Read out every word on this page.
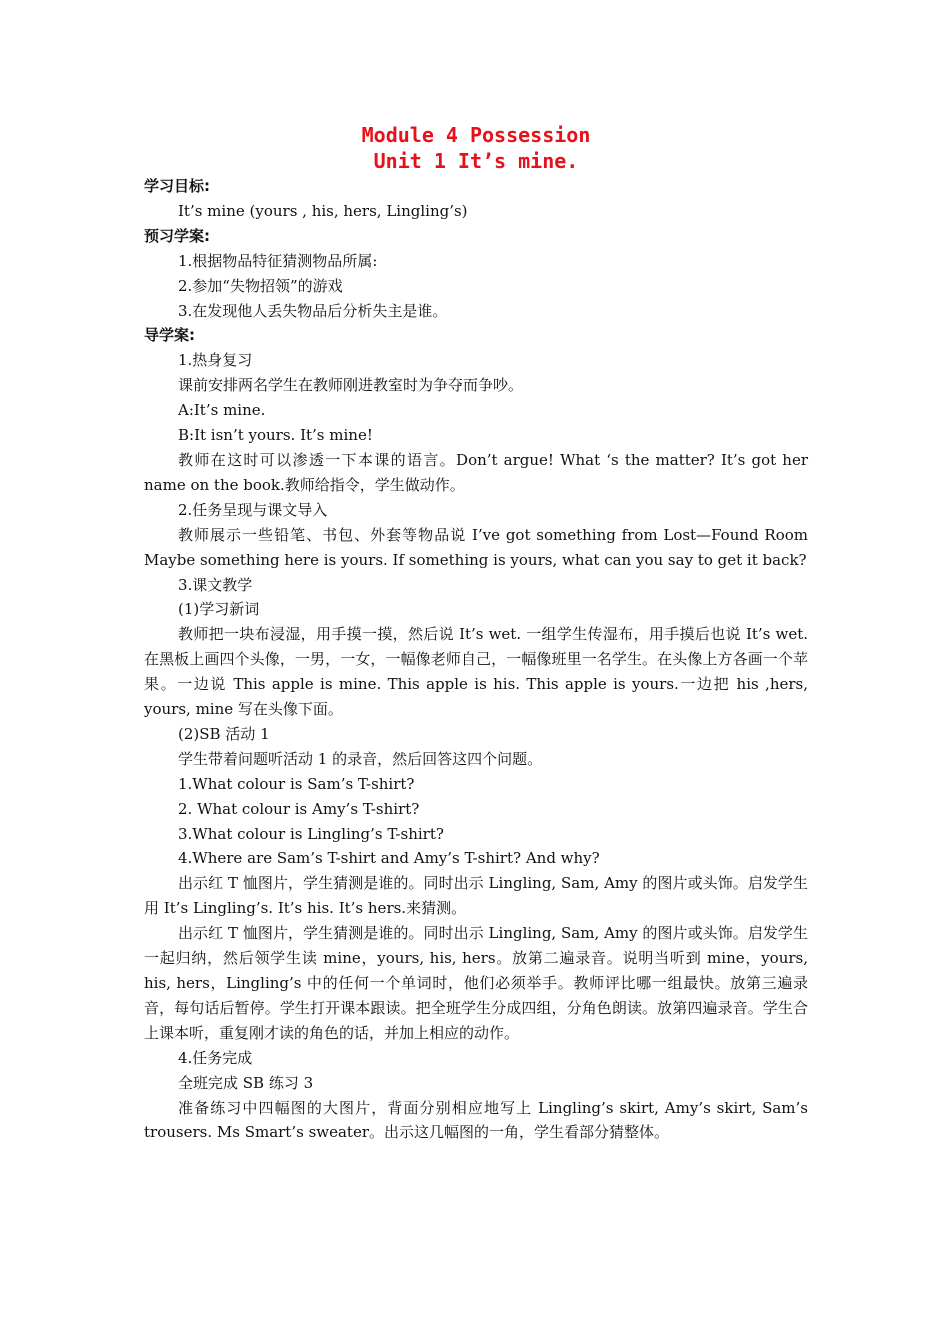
Module 4 Possession
Unit 1 It’s mine.

学习目标:

It’s mine (yours , his, hers, Lingling’s)

预习学案:

1.根据物品特征猜测物品所属:

2.参加“失物招领”的游戏

3.在发现他人丢失物品后分析失主是谁。

导学案:

1.热身复习

课前安排两名学生在教师刚进教室时为争夺而争吵。

A:It’s mine.

B:It isn’t yours. It’s mine!

教师在这时可以渗透一下本课的语言。Don’t argue! What ‘s the matter? It’s got her name on the book.教师给指令，学生做动作。

2.任务呈现与课文导入

教师展示一些铅笔、书包、外套等物品说 I’ve got something from Lost—Found Room Maybe something here is yours. If something is yours, what can you say to get it back?

3.课文教学

(1)学习新词

教师把一块布浸湿，用手摸一摸，然后说 It’s wet. 一组学生传湿布，用手摸后也说 It’s wet.在黑板上画四个头像，一男，一女，一幅像老师自己，一幅像班里一名学生。在头像上方各画一个苹果。一边说 This apple is mine. This apple is his. This apple is yours.一边把 his ,hers, yours, mine 写在头像下面。

(2)SB 活动 1

学生带着问题听活动 1 的录音，然后回答这四个问题。

1.What colour is Sam’s T-shirt?

2. What colour is Amy’s T-shirt?

3.What colour is Lingling’s T-shirt?

4.Where are Sam’s T-shirt and Amy’s T-shirt? And why?

出示红 T 恤图片，学生猜测是谁的。同时出示 Lingling, Sam, Amy 的图片或头饰。启发学生用 It’s Lingling’s. It’s his. It’s hers.来猜测。

出示红 T 恤图片，学生猜测是谁的。同时出示 Lingling, Sam, Amy 的图片或头饰。启发学生一起归纳，然后领学生读 mine，yours, his, hers。放第二遍录音。说明当听到 mine，yours, his, hers，Lingling’s 中的任何一个单词时，他们必须举手。教师评比哪一组最快。放第三遍录音，每句话后暂停。学生打开课本跟读。把全班学生分成四组，分角色朗读。放第四遍录音。学生合上课本听，重复刚才读的角色的话，并加上相应的动作。

4.任务完成

全班完成 SB 练习 3

准备练习中四幅图的大图片，背面分别相应地写上 Lingling’s skirt, Amy’s skirt, Sam’s trousers. Ms Smart’s sweater。出示这几幅图的一角，学生看部分猜整体。
